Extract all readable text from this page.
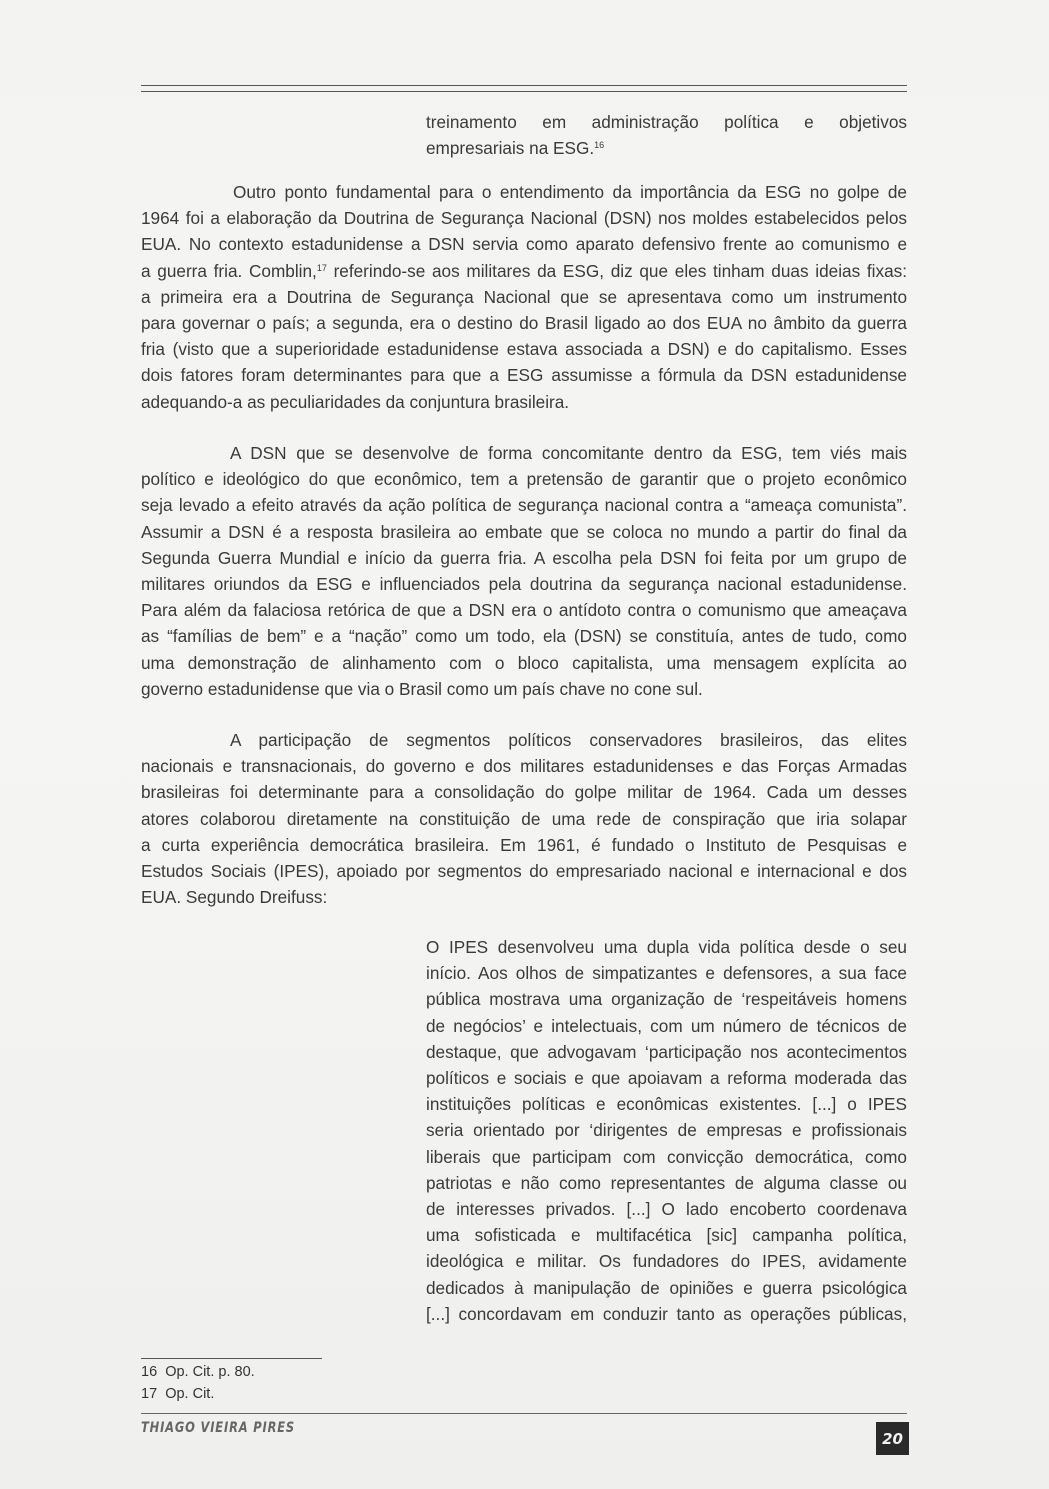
treinamento em administração política e objetivos
empresariais na ESG.$^{16}$
Outro ponto fundamental para o entendimento da importância da ESG no golpe de
1964 foi a elaboração da Doutrina de Segurança Nacional (DSN) nos moldes estabelecidos pelos
EUA. No contexto estadunidense a DSN servia como aparato defensivo frente ao comunismo e
a guerra fria. Comblin,$^{17}$ referindo-se aos militares da ESG, diz que eles tinham duas ideias fixas:
a primeira era a Doutrina de Segurança Nacional que se apresentava como um instrumento
para governar o país; a segunda, era o destino do Brasil ligado ao dos EUA no âmbito da guerra
fria (visto que a superioridade estadunidense estava associada a DSN) e do capitalismo. Esses
dois fatores foram determinantes para que a ESG assumisse a fórmula da DSN estadunidense
adequando-a as peculiaridades da conjuntura brasileira.
A DSN que se desenvolve de forma concomitante dentro da ESG, tem viés mais
político e ideológico do que econômico, tem a pretensão de garantir que o projeto econômico
seja levado a efeito através da ação política de segurança nacional contra a “ameaça comunista”.
Assumir a DSN é a resposta brasileira ao embate que se coloca no mundo a partir do final da
Segunda Guerra Mundial e início da guerra fria. A escolha pela DSN foi feita por um grupo de
militares oriundos da ESG e influenciados pela doutrina da segurança nacional estadunidense.
Para além da falaciosa retórica de que a DSN era o antídoto contra o comunismo que ameaçava
as “famílias de bem” e a “nação” como um todo, ela (DSN) se constituía, antes de tudo, como
uma demonstração de alinhamento com o bloco capitalista, uma mensagem explícita ao
governo estadunidense que via o Brasil como um país chave no cone sul.
A participação de segmentos políticos conservadores brasileiros, das elites
nacionais e transnacionais, do governo e dos militares estadunidenses e das Forças Armadas
brasileiras foi determinante para a consolidação do golpe militar de 1964. Cada um desses
atores colaborou diretamente na constituição de uma rede de conspiração que iria solapar
a curta experiência democrática brasileira. Em 1961, é fundado o Instituto de Pesquisas e
Estudos Sociais (IPES), apoiado por segmentos do empresariado nacional e internacional e dos
EUA. Segundo Dreifuss:
O IPES desenvolveu uma dupla vida política desde o seu
início. Aos olhos de simpatizantes e defensores, a sua face
pública mostrava uma organização de ‘respeitáveis homens
de negócios’ e intelectuais, com um número de técnicos de
destaque, que advogavam ‘participação nos acontecimentos
políticos e sociais e que apoiavam a reforma moderada das
instituições políticas e econômicas existentes. [...] o IPES
seria orientado por ‘dirigentes de empresas e profissionais
liberais que participam com convicção democrática, como
patriotas e não como representantes de alguma classe ou
de interesses privados. [...] O lado encoberto coordenava
uma sofisticada e multifacética [sic] campanha política,
ideológica e militar. Os fundadores do IPES, avidamente
dedicados à manipulação de opiniões e guerra psicológica
[...] concordavam em conduzir tanto as operações públicas,
16 Op. Cit. p. 80.
17 Op. Cit.
THIAGO VIEIRA PIRES
20
